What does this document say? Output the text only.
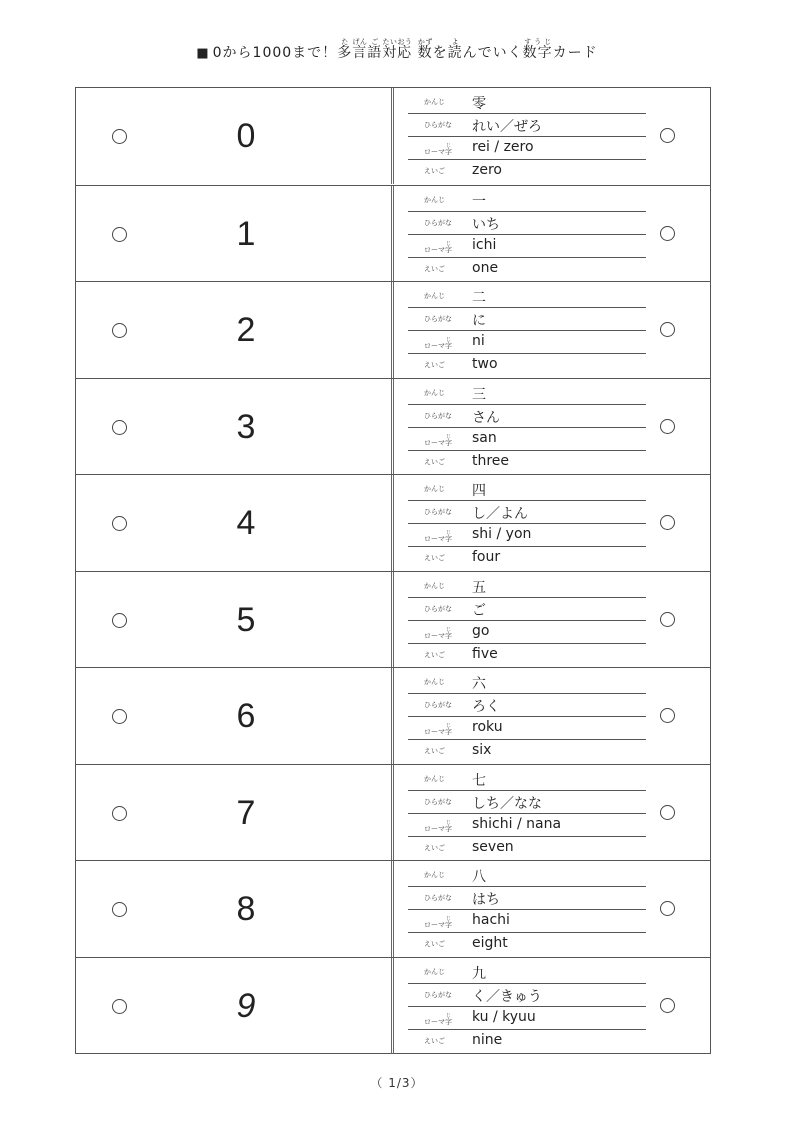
■ 0から1000まで！多た言げん語ご対応たいおう 数かずを読よんでいく数字すうじカード
0
かんじ 零
ひらがな れい／ぜろ
ローマ字じ rei / zero
えいご zero
1
かんじ 一
ひらがな いち
ローマ字じ ichi
えいご one
2
かんじ 二
ひらがな に
ローマ字じ ni
えいご two
3
かんじ 三
ひらがな さん
ローマ字じ san
えいご three
4
かんじ 四
ひらがな し／よん
ローマ字じ shi / yon
えいご four
5
かんじ 五
ひらがな ご
ローマ字じ go
えいご five
6
かんじ 六
ひらがな ろく
ローマ字じ roku
えいご six
7
かんじ 七
ひらがな しち／なな
ローマ字じ shichi / nana
えいご seven
8
かんじ 八
ひらがな はち
ローマ字じ hachi
えいご eight
9
かんじ 九
ひらがな く／きゅう
ローマ字じ ku / kyuu
えいご nine
（ 1/3）
